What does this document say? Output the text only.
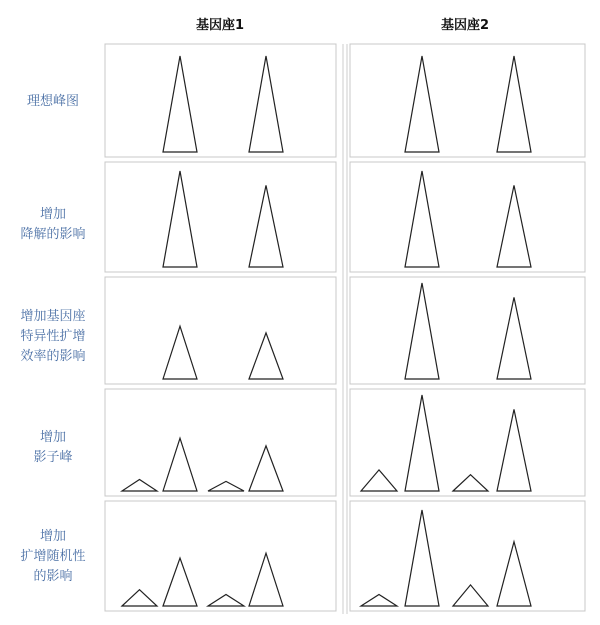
基因座1	基因座2
理想峰图
增加
降解的影响
增加基因座
特异性扩增
效率的影响
增加
影子峰
增加
扩增随机性
的影响
